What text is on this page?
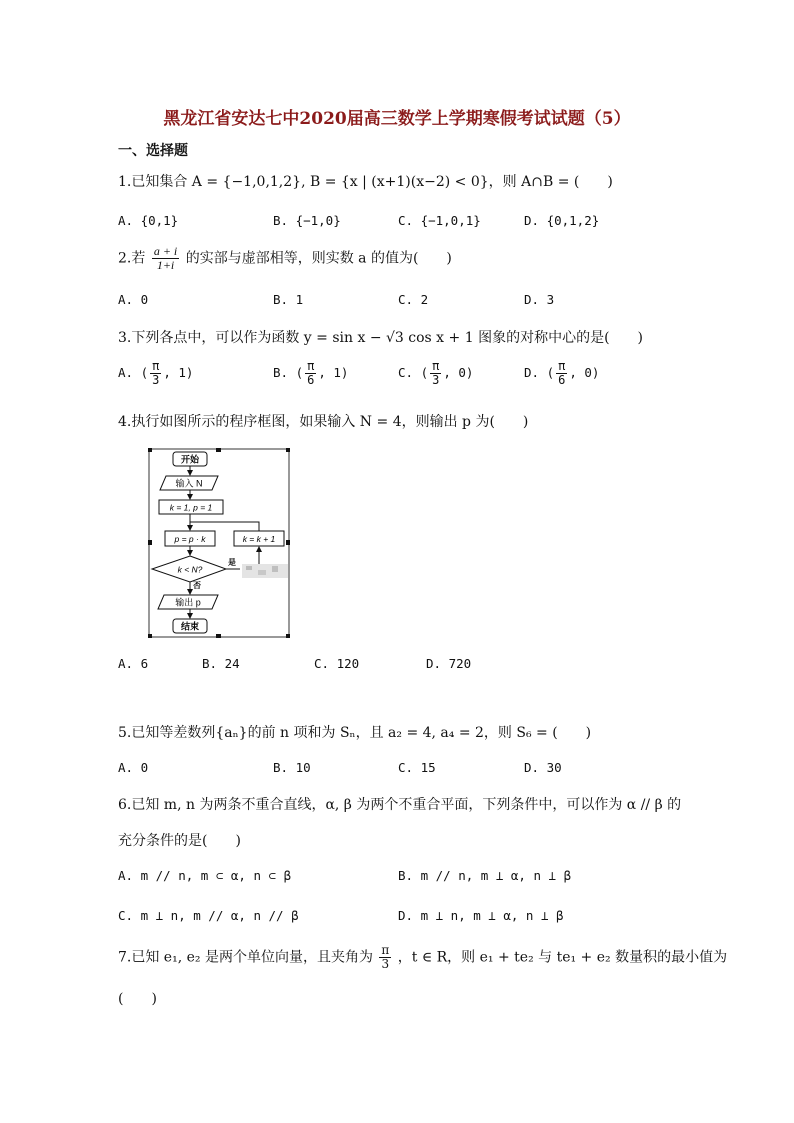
黑龙江省安达七中2020届高三数学上学期寒假考试试题（5）
一、选择题
1.已知集合 A = {−1,0,1,2}, B = {x | (x+1)(x−2) < 0}，则 A∩B = (　　)
A. {0,1}	B. {−1,0}	C. {−1,0,1}	D. {0,1,2}
2.若 $\frac{a + i}{1+i}$ 的实部与虚部相等，则实数 a 的值为(　　)
A. 0	B. 1	C. 2	D. 3
3.下列各点中，可以作为函数 y = sin x − √3 cos x + 1 图象的对称中心的是(　　)
A. ( $\frac{\pi}{3}$ , 1)	B. ( $\frac{\pi}{6}$ , 1)	C. ( $\frac{\pi}{3}$ , 0)	D. ( $\frac{\pi}{6}$ , 0)
4.执行如图所示的程序框图，如果输入 N = 4，则输出 p 为(　　)
开始
输入 N
k = 1, p = 1
p = p · k	k = k + 1
k < N?
是
否
输出 p
结束
A. 6	B. 24	C. 120	D. 720
5.已知等差数列{aₙ}的前 n 项和为 Sₙ，且 a₂ = 4, a₄ = 2，则 S₆ = (　　)
A. 0	B. 10	C. 15	D. 30
6.已知 m, n 为两条不重合直线，α, β 为两个不重合平面，下列条件中，可以作为 α // β 的
充分条件的是(　　)
A. m // n, m ⊂ α, n ⊂ β	B. m // n, m ⊥ α, n ⊥ β
C. m ⊥ n, m // α, n // β	D. m ⊥ n, m ⊥ α, n ⊥ β
7.已知 e₁, e₂ 是两个单位向量，且夹角为 $\frac{\pi}{3}$ ，t ∈ R，则 e₁ + te₂ 与 te₁ + e₂ 数量积的最小值为
(　　)
